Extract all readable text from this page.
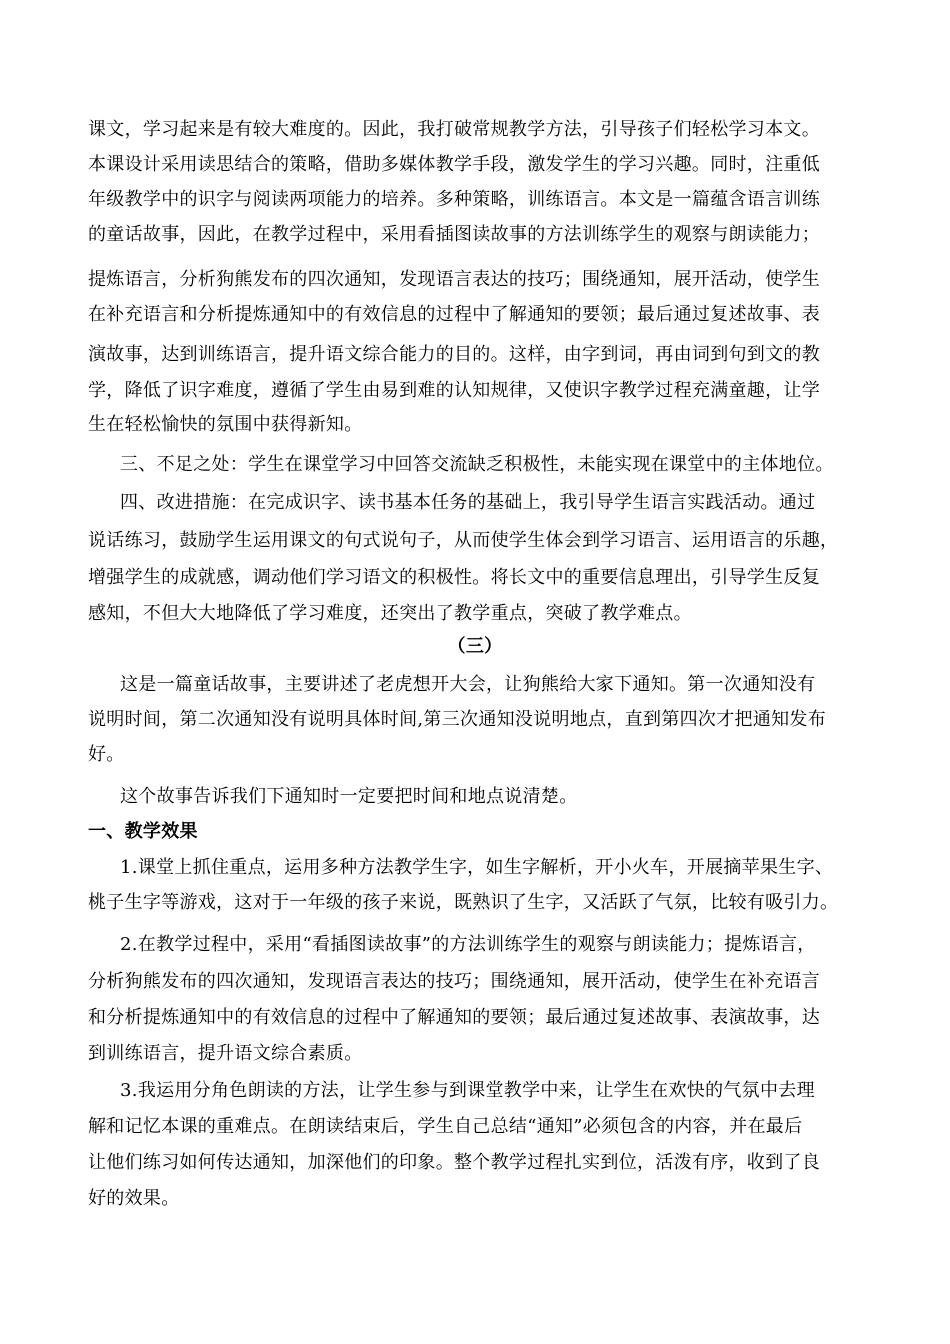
课文，学习起来是有较大难度的。因此，我打破常规教学方法，引导孩子们轻松学习本文。
本课设计采用读思结合的策略，借助多媒体教学手段，激发学生的学习兴趣。同时，注重低
年级教学中的识字与阅读两项能力的培养。多种策略，训练语言。本文是一篇蕴含语言训练
的童话故事，因此，在教学过程中，采用看插图读故事的方法训练学生的观察与朗读能力；
提炼语言，分析狗熊发布的四次通知，发现语言表达的技巧；围绕通知，展开活动，使学生
在补充语言和分析提炼通知中的有效信息的过程中了解通知的要领；最后通过复述故事、表
演故事，达到训练语言，提升语文综合能力的目的。这样，由字到词，再由词到句到文的教
学，降低了识字难度，遵循了学生由易到难的认知规律，又使识字教学过程充满童趣，让学
生在轻松愉快的氛围中获得新知。
三、不足之处：学生在课堂学习中回答交流缺乏积极性，未能实现在课堂中的主体地位。
四、改进措施：在完成识字、读书基本任务的基础上，我引导学生语言实践活动。通过
说话练习，鼓励学生运用课文的句式说句子，从而使学生体会到学习语言、运用语言的乐趣，
增强学生的成就感，调动他们学习语文的积极性。将长文中的重要信息理出，引导学生反复
感知，不但大大地降低了学习难度，还突出了教学重点，突破了教学难点。
（三）
这是一篇童话故事，主要讲述了老虎想开大会，让狗熊给大家下通知。第一次通知没有
说明时间，第二次通知没有说明具体时间,第三次通知没说明地点，直到第四次才把通知发布
好。
这个故事告诉我们下通知时一定要把时间和地点说清楚。
一、教学效果
1.课堂上抓住重点，运用多种方法教学生字，如生字解析，开小火车，开展摘苹果生字、
桃子生字等游戏，这对于一年级的孩子来说，既熟识了生字，又活跃了气氛，比较有吸引力。
2.在教学过程中，采用“看插图读故事”的方法训练学生的观察与朗读能力；提炼语言，
分析狗熊发布的四次通知，发现语言表达的技巧；围绕通知，展开活动，使学生在补充语言
和分析提炼通知中的有效信息的过程中了解通知的要领；最后通过复述故事、表演故事，达
到训练语言，提升语文综合素质。
3.我运用分角色朗读的方法，让学生参与到课堂教学中来，让学生在欢快的气氛中去理
解和记忆本课的重难点。在朗读结束后，学生自己总结“通知”必须包含的内容，并在最后
让他们练习如何传达通知，加深他们的印象。整个教学过程扎实到位，活泼有序，收到了良
好的效果。
